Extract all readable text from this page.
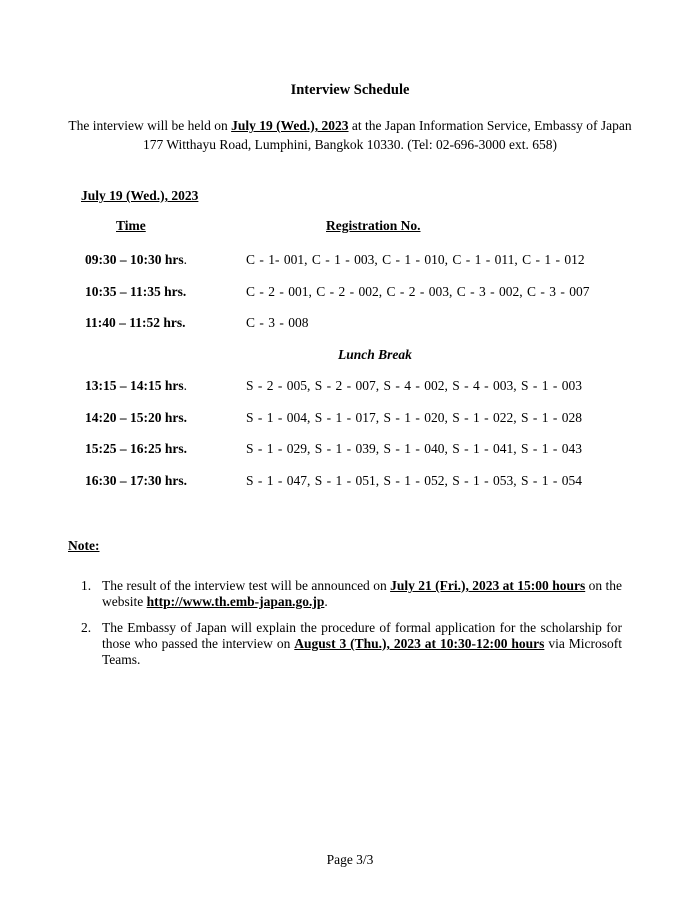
Interview Schedule
The interview will be held on July 19 (Wed.), 2023 at the Japan Information Service, Embassy of Japan
177 Witthayu Road, Lumphini, Bangkok 10330. (Tel: 02-696-3000 ext. 658)
July 19 (Wed.), 2023
Time	Registration No.
09:30 – 10:30 hrs.	C - 1- 001, C - 1 - 003, C - 1 - 010, C - 1 - 011, C - 1 - 012
10:35 – 11:35 hrs.	C - 2 - 001, C - 2 - 002, C - 2 - 003, C - 3 - 002, C - 3 - 007
11:40 – 11:52 hrs.	C - 3 - 008
Lunch Break
13:15 – 14:15 hrs.	S - 2 - 005, S - 2 - 007, S - 4 - 002, S - 4 - 003, S - 1 - 003
14:20 – 15:20 hrs.	S - 1 - 004, S - 1 - 017, S - 1 - 020, S - 1 - 022, S - 1 - 028
15:25 – 16:25 hrs.	S - 1 - 029, S - 1 - 039, S - 1 - 040, S - 1 - 041, S - 1 - 043
16:30 – 17:30 hrs.	S - 1 - 047, S - 1 - 051, S - 1 - 052, S - 1 - 053, S - 1 - 054
Note:
1. The result of the interview test will be announced on July 21 (Fri.), 2023 at 15:00 hours on the website http://www.th.emb-japan.go.jp.
2. The Embassy of Japan will explain the procedure of formal application for the scholarship for those who passed the interview on August 3 (Thu.), 2023 at 10:30-12:00 hours via Microsoft Teams.
Page 3/3
